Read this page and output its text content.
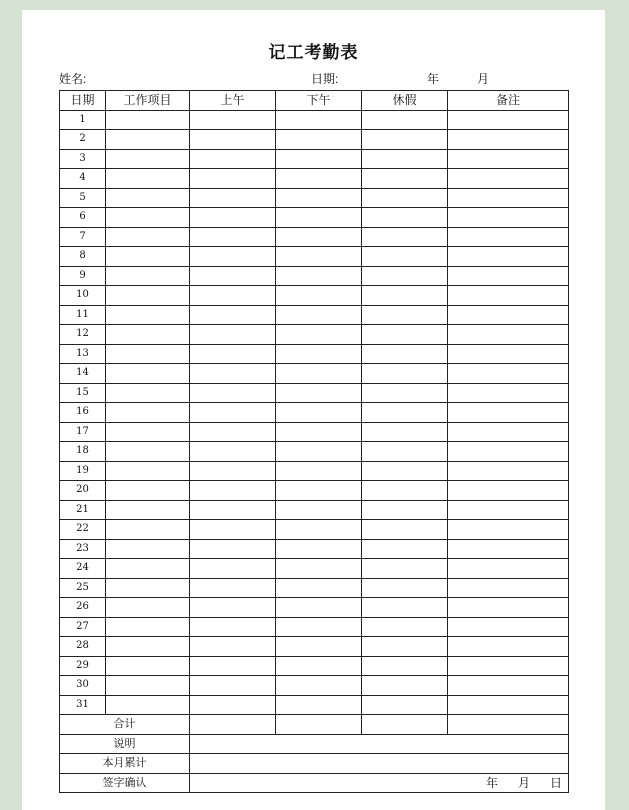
记工考勤表
姓名:	日期:	年	月
日期	工作项目	上午	下午	休假	备注
1					
2					
3					
4					
5					
6					
7					
8					
9					
10					
11					
12					
13					
14					
15					
16					
17					
18					
19					
20					
21					
22					
23					
24					
25					
26					
27					
28					
29					
30					
31					
合计					
说明					
本月累计					
签字确认		年 月 日			
